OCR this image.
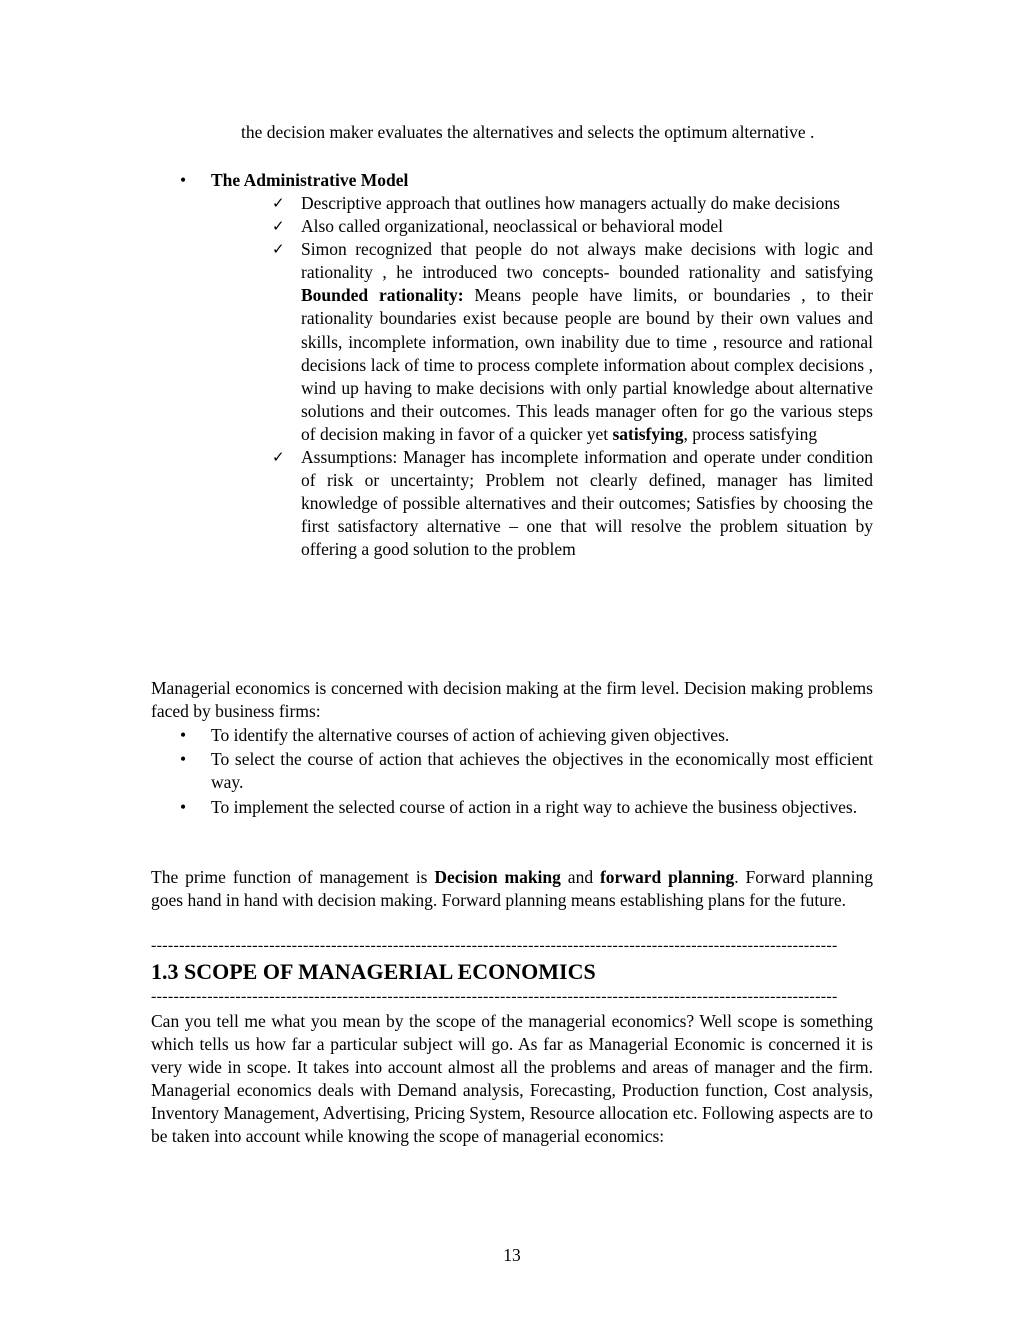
the decision maker evaluates the alternatives and selects the optimum alternative .
•
The Administrative Model
✓ Descriptive approach that outlines how managers actually do make decisions
✓ Also called organizational, neoclassical or behavioral model
✓ Simon recognized that people do not always make decisions with logic and rationality , he introduced two concepts- bounded rationality and satisfying Bounded rationality: Means people have limits, or boundaries , to their rationality boundaries exist because people are bound by their own values and skills, incomplete information, own inability due to time , resource and rational decisions lack of time to process complete information about complex decisions , wind up having to make decisions with only partial knowledge about alternative solutions and their outcomes. This leads manager often for go the various steps of decision making in favor of a quicker yet satisfying, process satisfying
✓ Assumptions: Manager has incomplete information and operate under condition of risk or uncertainty; Problem not clearly defined, manager has limited knowledge of possible alternatives and their outcomes; Satisfies by choosing the first satisfactory alternative – one that will resolve the problem situation by offering a good solution to the problem
Managerial economics is concerned with decision making at the firm level. Decision making problems faced by business firms:
•
To identify the alternative courses of action of achieving given objectives.
•
To select the course of action that achieves the objectives in the economically most efficient way.
•
To implement the selected course of action in a right way to achieve the business objectives.
The prime function of management is Decision making and forward planning. Forward planning goes hand in hand with decision making. Forward planning means establishing plans for the future.
--------------------------------------------------------------------------------------------------------------------------
1.3 SCOPE OF MANAGERIAL ECONOMICS
--------------------------------------------------------------------------------------------------------------------------
Can you tell me what you mean by the scope of the managerial economics? Well scope is something which tells us how far a particular subject will go. As far as Managerial Economic is concerned it is very wide in scope. It takes into account almost all the problems and areas of manager and the firm. Managerial economics deals with Demand analysis, Forecasting, Production function, Cost analysis, Inventory Management, Advertising, Pricing System, Resource allocation etc. Following aspects are to be taken into account while knowing the scope of managerial economics:
13
